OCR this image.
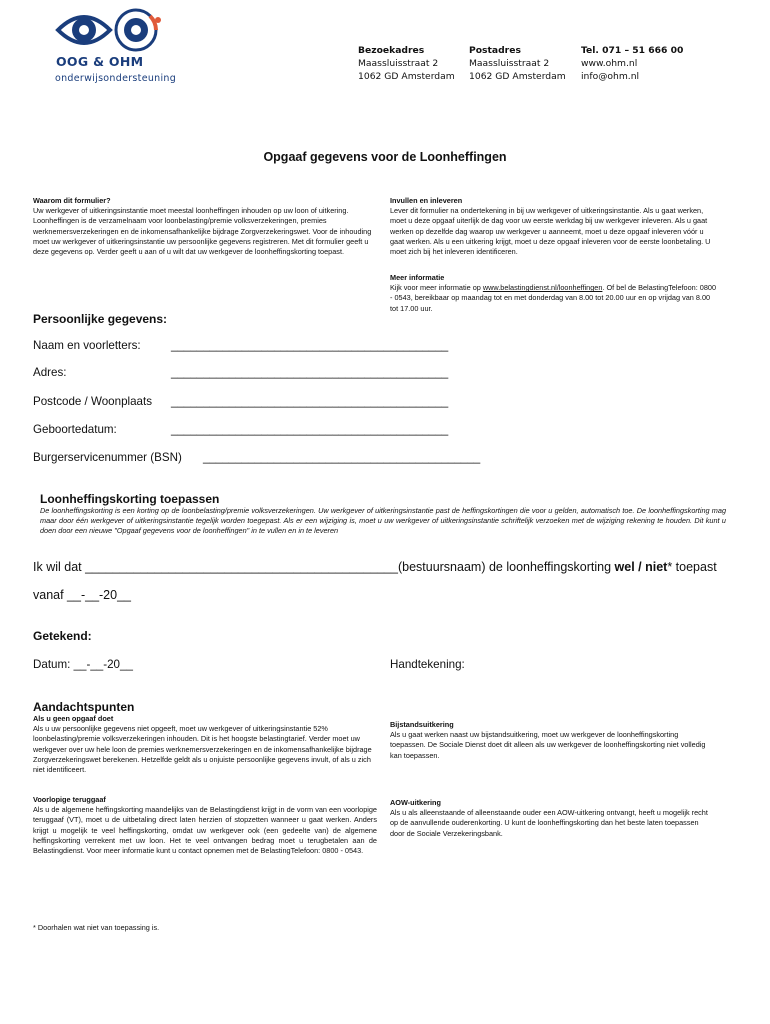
OOG & OHM
onderwijsondersteuning
Bezoekadres
Maassluisstraat 2
1062 GD Amsterdam
Postadres
Maassluisstraat 2
1062 GD Amsterdam
Tel. 071 – 51 666 00
www.ohm.nl
info@ohm.nl
Opgaaf gegevens voor de Loonheffingen
Waarom dit formulier?

Uw werkgever of uitkeringsinstantie moet meestal loonheffingen inhouden op uw loon of uitkering. Loonheffingen is de verzamelnaam voor loonbelasting/premie volksverzekeringen, premies werknemersverzekeringen en de inkomensafhankelijke bijdrage Zorgverzekeringswet. Voor de inhouding moet uw werkgever of uitkeringsinstantie uw persoonlijke gegevens registreren. Met dit formulier geeft u deze gegevens op. Verder geeft u aan of u wilt dat uw werkgever de loonheffingskorting toepast.

Invullen en inleveren

Lever dit formulier na ondertekening in bij uw werkgever of uitkeringsinstantie. Als u gaat werken, moet u deze opgaaf uiterlijk de dag voor uw eerste werkdag bij uw werkgever inleveren. Als u gaat werken op dezelfde dag waarop uw werkgever u aanneemt, moet u deze opgaaf inleveren vóór u gaat werken. Als u een uitkering krijgt, moet u deze opgaaf inleveren voor de eerste loonbetaling. U moet zich bij het inleveren identificeren.

Meer informatie

Kijk voor meer informatie op www.belastingdienst.nl/loonheffingen. Of bel de BelastingTelefoon: 0800 - 0543, bereikbaar op maandag tot en met donderdag van 8.00 tot 20.00 uur en op vrijdag van 8.00 tot 17.00 uur.

Persoonlijke gegevens:
Naam en voorletters:	___________________________________________
Adres:	___________________________________________
Postcode / Woonplaats ___________________________________________
Geboortedatum:	___________________________________________
Burgerservicenummer (BSN) ___________________________________________
Loonheffingskorting toepassen
De loonheffingskorting is een korting op de loonbelasting/premie volksverzekeringen. Uw werkgever of uitkeringsinstantie past de heffingskortingen die voor u gelden, automatisch toe. De loonheffingskorting mag maar door één werkgever of uitkeringsinstantie tegelijk worden toegepast. Als er een wijziging is, moet u uw werkgever of uitkeringsinstantie schriftelijk verzoeken met de wijziging rekening te houden. Dit kunt u doen door een nieuwe "Opgaaf gegevens voor de loonheffingen" in te vullen en in te leveren
Ik wil dat _____________________________________________(bestuursnaam) de loonheffingskorting wel / niet* toepast
vanaf __-__-20__
Getekend:
Datum: __-__-20__	Handtekening:
Aandachtspunten
Als u geen opgaaf doet

Als u uw persoonlijke gegevens niet opgeeft, moet uw werkgever of uitkeringsinstantie 52% loonbelasting/premie volksverzekeringen inhouden. Dit is het hoogste belastingtarief. Verder moet uw werkgever over uw hele loon de premies werknemersverzekeringen en de inkomensafhankelijke bijdrage Zorgverzekeringswet berekenen. Hetzelfde geldt als u onjuiste persoonlijke gegevens invult, of als u zich niet identificeert.

Bijstandsuitkering

Als u gaat werken naast uw bijstandsuitkering, moet uw werkgever de loonheffingskorting toepassen. De Sociale Dienst doet dit alleen als uw werkgever de loonheffingskorting niet volledig kan toepassen.

Voorlopige teruggaaf

Als u de algemene heffingskorting maandelijks van de Belastingdienst krijgt in de vorm van een voorlopige teruggaaf (VT), moet u de uitbetaling direct laten herzien of stopzetten wanneer u gaat werken. Anders krijgt u mogelijk te veel heffingskorting, omdat uw werkgever ook (een gedeelte van) de algemene heffingskorting verrekent met uw loon. Het te veel ontvangen bedrag moet u terugbetalen aan de Belastingdienst. Voor meer informatie kunt u contact opnemen met de BelastingTelefoon: 0800 - 0543.

AOW-uitkering

Als u als alleenstaande of alleenstaande ouder een AOW-uitkering ontvangt, heeft u mogelijk recht op de aanvullende ouderenkorting. U kunt de loonheffingskorting dan het beste laten toepassen door de Sociale Verzekeringsbank.

* Doorhalen wat niet van toepassing is.
